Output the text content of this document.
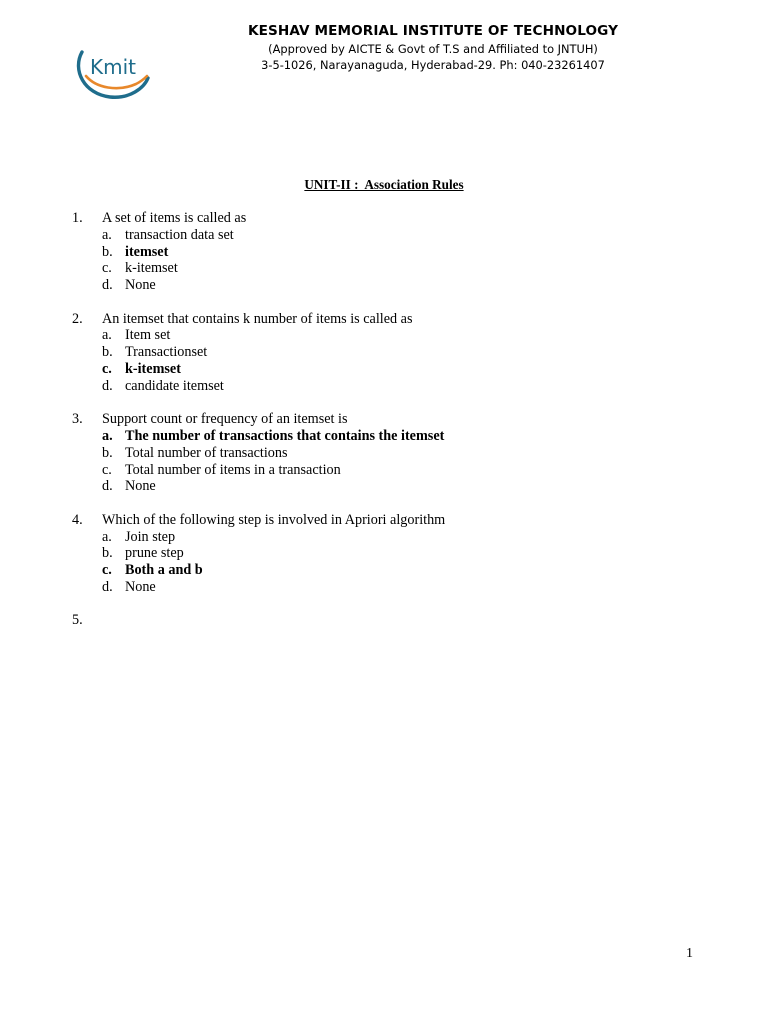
Kmit
KESHAV MEMORIAL INSTITUTE OF TECHNOLOGY
(Approved by AICTE & Govt of T.S and Affiliated to JNTUH)
3-5-1026, Narayanaguda, Hyderabad-29. Ph: 040-23261407
UNIT-II :  Association Rules
1. A set of items is called as
a. transaction data set
b. itemset
c. k-itemset
d. None
2. An itemset that contains k number of items is called as
a. Item set
b. Transactionset
c. k-itemset
d. candidate itemset
3. Support count or frequency of an itemset is
a. The number of transactions that contains the itemset
b. Total number of transactions
c. Total number of items in a transaction
d. None
4. Which of the following step is involved in Apriori algorithm
a. Join step
b. prune step
c. Both a and b
d. None
5.
1
